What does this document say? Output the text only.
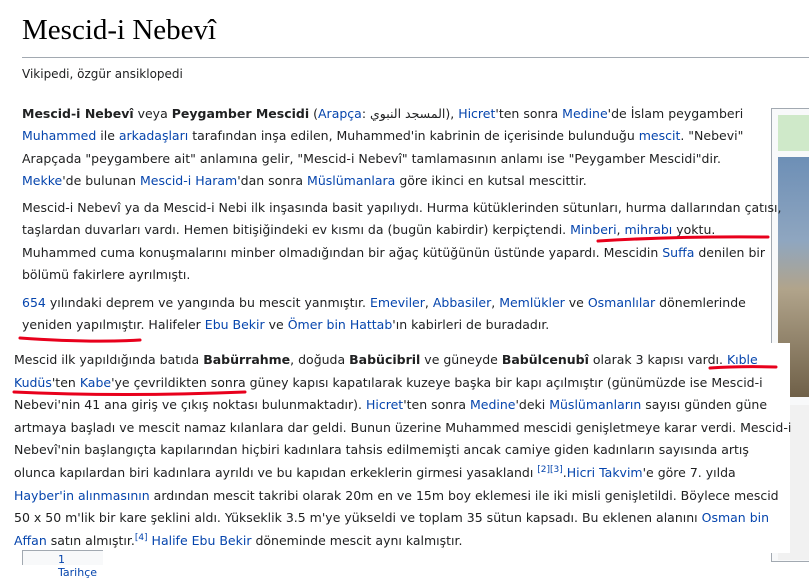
Mescid-i Nebevî
Vikipedi, özgür ansiklopedi

Mescid-i Nebevî veya Peygamber Mescidi (Arapça: المسجد النبوي), Hicret'ten sonra Medine'de İslam peygamberi Muhammed ile arkadaşları tarafından inşa edilen, Muhammed'in kabrinin de içerisinde bulunduğu mescit. "Nebevi" Arapçada "peygambere ait" anlamına gelir, "Mescid-i Nebevî" tamlamasının anlamı ise "Peygamber Mescidi"dir. Mekke'de bulunan Mescid-i Haram'dan sonra Müslümanlara göre ikinci en kutsal mescittir.

Mescid-i Nebevî ya da Mescid-i Nebi ilk inşasında basit yapılıydı. Hurma kütüklerinden sütunları, hurma dallarından çatısı, taşlardan duvarları vardı. Hemen bitişiğindeki ev kısmı da (bugün kabirdir) kerpiçtendi. Minberi, mihrabı yoktu. Muhammed cuma konuşmalarını minber olmadığından bir ağaç kütüğünün üstünde yapardı. Mescidin Suffa denilen bir bölümü fakirlere ayrılmıştı.

654 yılındaki deprem ve yangında bu mescit yanmıştır. Emeviler, Abbasiler, Memlükler ve Osmanlılar dönemlerinde yeniden yapılmıştır. Halifeler Ebu Bekir ve Ömer bin Hattab'ın kabirleri de buradadır.

Mescid ilk yapıldığında batıda Babürrahme, doğuda Babücibril ve güneyde Babülcenubî olarak 3 kapısı vardı. Kıble Kudüs'ten Kabe'ye çevrildikten sonra güney kapısı kapatılarak kuzeye başka bir kapı açılmıştır (günümüzde ise Mescid-i Nebevi'nin 41 ana giriş ve çıkış noktası bulunmaktadır). Hicret'ten sonra Medine'deki Müslümanların sayısı günden güne artmaya başladı ve mescit namaz kılanlara dar geldi. Bunun üzerine Muhammed mescidi genişletmeye karar verdi. Mescid-i Nebevî'nin başlangıçta kapılarından hiçbiri kadınlara tahsis edilmemişti ancak camiye giden kadınların sayısında artış olunca kapılardan biri kadınlara ayrıldı ve bu kapıdan erkeklerin girmesi yasaklandı [2][3].Hicri Takvim'e göre 7. yılda Hayber'in alınmasının ardından mescit takribi olarak 20m en ve 15m boy eklemesi ile iki misli genişletildi. Böylece mescid 50 x 50 m'lik bir kare şeklini aldı. Yükseklik 3.5 m'ye yükseldi ve toplam 35 sütun kapsadı. Bu eklenen alanını Osman bin Affan satın almıştır.[4] Halife Ebu Bekir döneminde mescit aynı kalmıştır.

1 Tarihçe
